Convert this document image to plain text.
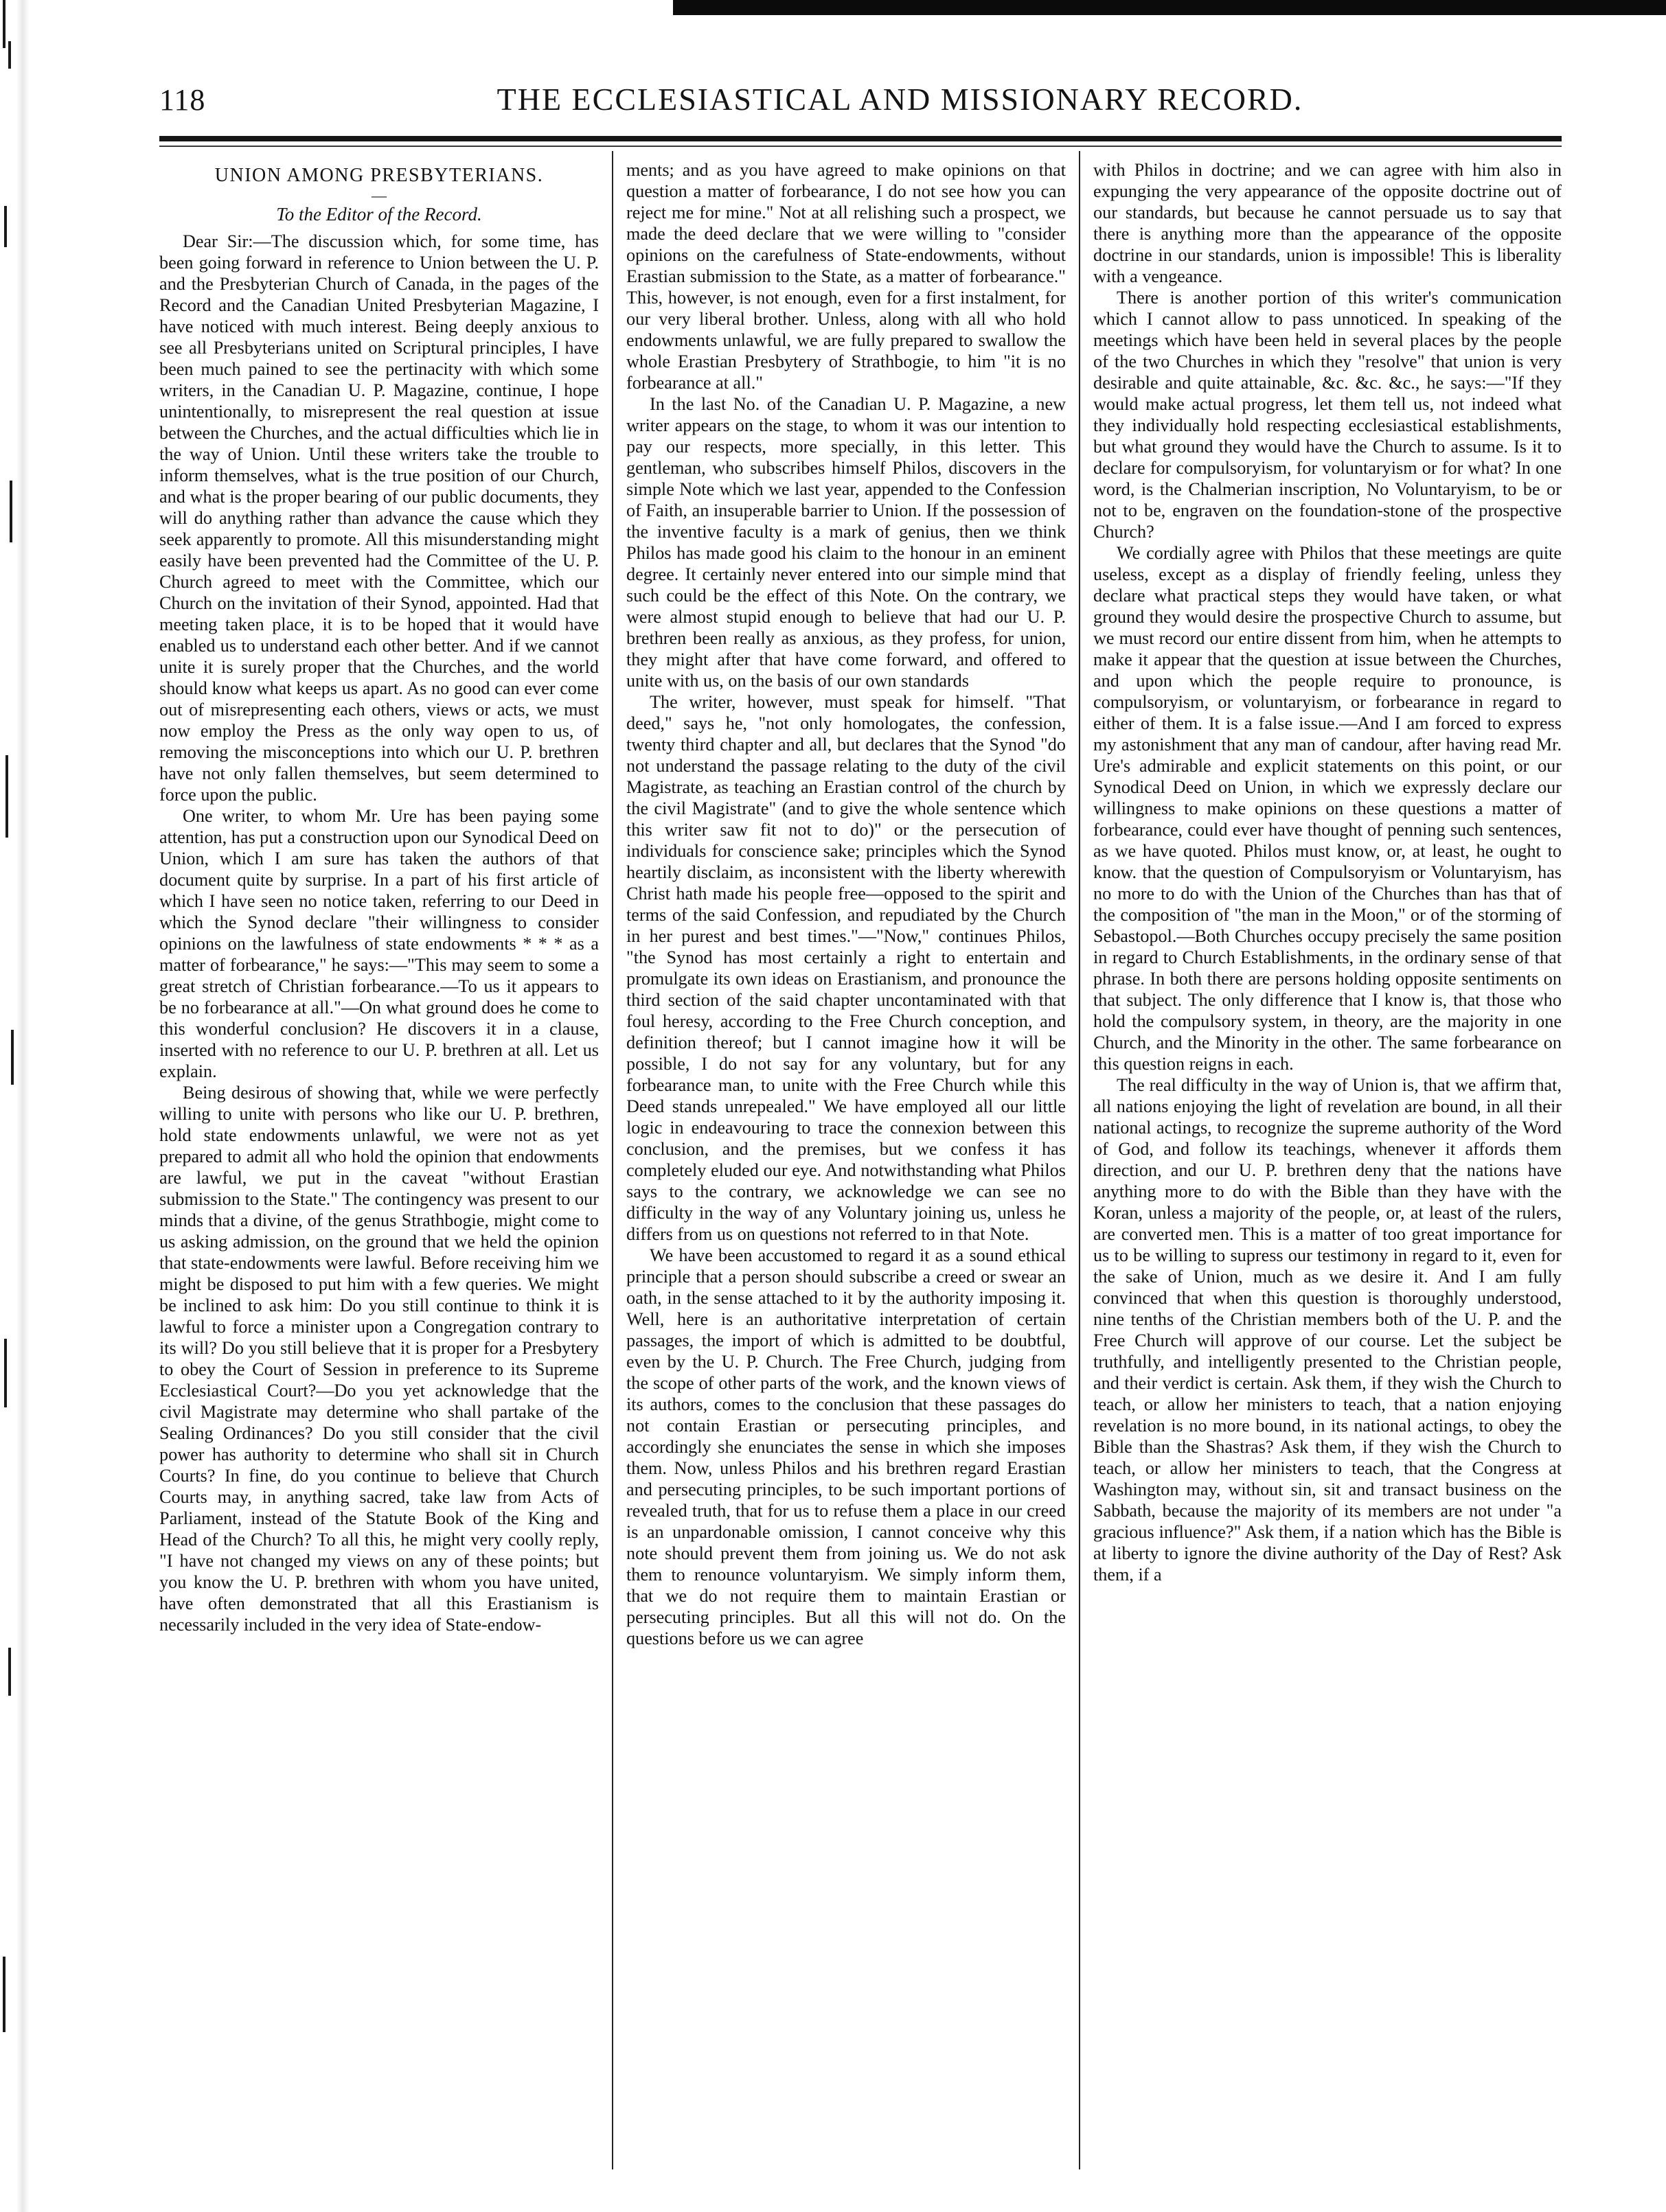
118	THE ECCLESIASTICAL AND MISSIONARY RECORD.
UNION AMONG PRESBYTERIANS.
—
To the Editor of the Record.

Dear Sir:—The discussion which, for some time, has been going forward in reference to Union between the U. P. and the Presbyterian Church of Canada, in the pages of the Record and the Canadian United Presbyterian Magazine, I have noticed with much interest. Being deeply anxious to see all Presbyterians united on Scriptural principles, I have been much pained to see the pertinacity with which some writers, in the Canadian U. P. Magazine, continue, I hope unintentionally, to misrepresent the real question at issue between the Churches, and the actual difficulties which lie in the way of Union. Until these writers take the trouble to inform themselves, what is the true position of our Church, and what is the proper bearing of our public documents, they will do anything rather than advance the cause which they seek apparently to promote. All this misunderstanding might easily have been prevented had the Committee of the U. P. Church agreed to meet with the Committee, which our Church on the invitation of their Synod, appointed. Had that meeting taken place, it is to be hoped that it would have enabled us to understand each other better. And if we cannot unite it is surely proper that the Churches, and the world should know what keeps us apart. As no good can ever come out of misrepresenting each others, views or acts, we must now employ the Press as the only way open to us, of removing the misconceptions into which our U. P. brethren have not only fallen themselves, but seem determined to force upon the public.

One writer, to whom Mr. Ure has been paying some attention, has put a construction upon our Synodical Deed on Union, which I am sure has taken the authors of that document quite by surprise. In a part of his first article of which I have seen no notice taken, referring to our Deed in which the Synod declare "their willingness to consider opinions on the lawfulness of state endowments * * * as a matter of forbearance," he says:—"This may seem to some a great stretch of Christian forbearance.—To us it appears to be no forbearance at all."—On what ground does he come to this wonderful conclusion? He discovers it in a clause, inserted with no reference to our U. P. brethren at all. Let us explain.

Being desirous of showing that, while we were perfectly willing to unite with persons who like our U. P. brethren, hold state endowments unlawful, we were not as yet prepared to admit all who hold the opinion that endowments are lawful, we put in the caveat "without Erastian submission to the State." The contingency was present to our minds that a divine, of the genus Strathbogie, might come to us asking admission, on the ground that we held the opinion that state-endowments were lawful. Before receiving him we might be disposed to put him with a few queries. We might be inclined to ask him: Do you still continue to think it is lawful to force a minister upon a Congregation contrary to its will? Do you still believe that it is proper for a Presbytery to obey the Court of Session in preference to its Supreme Ecclesiastical Court?—Do you yet acknowledge that the civil Magistrate may determine who shall partake of the Sealing Ordinances? Do you still consider that the civil power has authority to determine who shall sit in Church Courts? In fine, do you continue to believe that Church Courts may, in anything sacred, take law from Acts of Parliament, instead of the Statute Book of the King and Head of the Church? To all this, he might very coolly reply, "I have not changed my views on any of these points; but you know the U. P. brethren with whom you have united, have often demonstrated that all this Erastianism is necessarily included in the very idea of State-endow-

ments; and as you have agreed to make opinions on that question a matter of forbearance, I do not see how you can reject me for mine." Not at all relishing such a prospect, we made the deed declare that we were willing to "consider opinions on the carefulness of State-endowments, without Erastian submission to the State, as a matter of forbearance." This, however, is not enough, even for a first instalment, for our very liberal brother. Unless, along with all who hold endowments unlawful, we are fully prepared to swallow the whole Erastian Presbytery of Strathbogie, to him "it is no forbearance at all."

In the last No. of the Canadian U. P. Magazine, a new writer appears on the stage, to whom it was our intention to pay our respects, more specially, in this letter. This gentleman, who subscribes himself Philos, discovers in the simple Note which we last year, appended to the Confession of Faith, an insuperable barrier to Union. If the possession of the inventive faculty is a mark of genius, then we think Philos has made good his claim to the honour in an eminent degree. It certainly never entered into our simple mind that such could be the effect of this Note. On the contrary, we were almost stupid enough to believe that had our U. P. brethren been really as anxious, as they profess, for union, they might after that have come forward, and offered to unite with us, on the basis of our own standards

The writer, however, must speak for himself. "That deed," says he, "not only homologates, the confession, twenty third chapter and all, but declares that the Synod "do not understand the passage relating to the duty of the civil Magistrate, as teaching an Erastian control of the church by the civil Magistrate" (and to give the whole sentence which this writer saw fit not to do)" or the persecution of individuals for conscience sake; principles which the Synod heartily disclaim, as inconsistent with the liberty wherewith Christ hath made his people free—opposed to the spirit and terms of the said Confession, and repudiated by the Church in her purest and best times."—"Now," continues Philos, "the Synod has most certainly a right to entertain and promulgate its own ideas on Erastianism, and pronounce the third section of the said chapter uncontaminated with that foul heresy, according to the Free Church conception, and definition thereof; but I cannot imagine how it will be possible, I do not say for any voluntary, but for any forbearance man, to unite with the Free Church while this Deed stands unrepealed." We have employed all our little logic in endeavouring to trace the connexion between this conclusion, and the premises, but we confess it has completely eluded our eye. And notwithstanding what Philos says to the contrary, we acknowledge we can see no difficulty in the way of any Voluntary joining us, unless he differs from us on questions not referred to in that Note.

We have been accustomed to regard it as a sound ethical principle that a person should subscribe a creed or swear an oath, in the sense attached to it by the authority imposing it. Well, here is an authoritative interpretation of certain passages, the import of which is admitted to be doubtful, even by the U. P. Church. The Free Church, judging from the scope of other parts of the work, and the known views of its authors, comes to the conclusion that these passages do not contain Erastian or persecuting principles, and accordingly she enunciates the sense in which she imposes them. Now, unless Philos and his brethren regard Erastian and persecuting principles, to be such important portions of revealed truth, that for us to refuse them a place in our creed is an unpardonable omission, I cannot conceive why this note should prevent them from joining us. We do not ask them to renounce voluntaryism. We simply inform them, that we do not require them to maintain Erastian or persecuting principles. But all this will not do. On the questions before us we can agree

with Philos in doctrine; and we can agree with him also in expunging the very appearance of the opposite doctrine out of our standards, but because he cannot persuade us to say that there is anything more than the appearance of the opposite doctrine in our standards, union is impossible! This is liberality with a vengeance.

There is another portion of this writer's communication which I cannot allow to pass unnoticed. In speaking of the meetings which have been held in several places by the people of the two Churches in which they "resolve" that union is very desirable and quite attainable, &c. &c. &c., he says:—"If they would make actual progress, let them tell us, not indeed what they individually hold respecting ecclesiastical establishments, but what ground they would have the Church to assume. Is it to declare for compulsoryism, for voluntaryism or for what? In one word, is the Chalmerian inscription, No Voluntaryism, to be or not to be, engraven on the foundation-stone of the prospective Church?

We cordially agree with Philos that these meetings are quite useless, except as a display of friendly feeling, unless they declare what practical steps they would have taken, or what ground they would desire the prospective Church to assume, but we must record our entire dissent from him, when he attempts to make it appear that the question at issue between the Churches, and upon which the people require to pronounce, is compulsoryism, or voluntaryism, or forbearance in regard to either of them. It is a false issue.—And I am forced to express my astonishment that any man of candour, after having read Mr. Ure's admirable and explicit statements on this point, or our Synodical Deed on Union, in which we expressly declare our willingness to make opinions on these questions a matter of forbearance, could ever have thought of penning such sentences, as we have quoted. Philos must know, or, at least, he ought to know. that the question of Compulsoryism or Voluntaryism, has no more to do with the Union of the Churches than has that of the composition of "the man in the Moon," or of the storming of Sebastopol.—Both Churches occupy precisely the same position in regard to Church Establishments, in the ordinary sense of that phrase. In both there are persons holding opposite sentiments on that subject. The only difference that I know is, that those who hold the compulsory system, in theory, are the majority in one Church, and the Minority in the other. The same forbearance on this question reigns in each.

The real difficulty in the way of Union is, that we affirm that, all nations enjoying the light of revelation are bound, in all their national actings, to recognize the supreme authority of the Word of God, and follow its teachings, whenever it affords them direction, and our U. P. brethren deny that the nations have anything more to do with the Bible than they have with the Koran, unless a majority of the people, or, at least of the rulers, are converted men. This is a matter of too great importance for us to be willing to supress our testimony in regard to it, even for the sake of Union, much as we desire it. And I am fully convinced that when this question is thoroughly understood, nine tenths of the Christian members both of the U. P. and the Free Church will approve of our course. Let the subject be truthfully, and intelligently presented to the Christian people, and their verdict is certain. Ask them, if they wish the Church to teach, or allow her ministers to teach, that a nation enjoying revelation is no more bound, in its national actings, to obey the Bible than the Shastras? Ask them, if they wish the Church to teach, or allow her ministers to teach, that the Congress at Washington may, without sin, sit and transact business on the Sabbath, because the majority of its members are not under "a gracious influence?" Ask them, if a nation which has the Bible is at liberty to ignore the divine authority of the Day of Rest? Ask them, if a
